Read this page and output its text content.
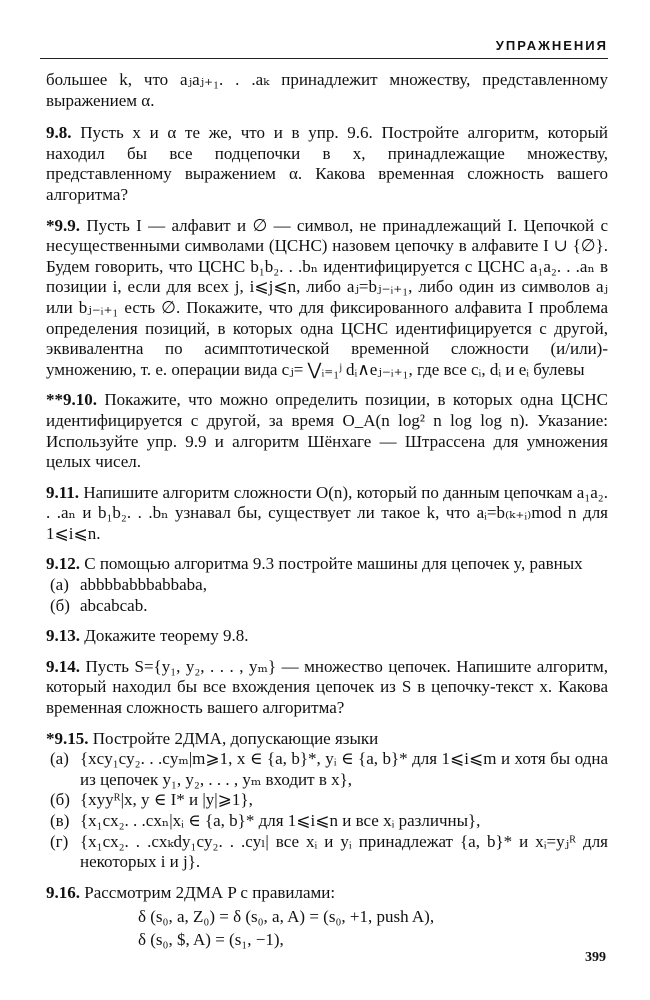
УПРАЖНЕНИЯ

большее k, что aⱼaⱼ₊₁. . .aₖ принадлежит множеству, представленному выражением α.

9.8. Пусть x и α те же, что и в упр. 9.6. Постройте алгоритм, который находил бы все подцепочки в x, принадлежащие множеству, представленному выражением α. Какова временная сложность вашего алгоритма?

*9.9. Пусть I — алфавит и ∅ — символ, не принадлежащий I. Цепочкой с несущественными символами (ЦСНС) назовем цепочку в алфавите I ∪ {∅}. Будем говорить, что ЦСНС b₁b₂. . .bₙ идентифицируется с ЦСНС a₁a₂. . .aₙ в позиции i, если для всех j, i⩽j⩽n, либо aⱼ=bⱼ₋ᵢ₊₁, либо один из символов aⱼ или bⱼ₋ᵢ₊₁ есть ∅. Покажите, что для фиксированного алфавита I проблема определения позиций, в которых одна ЦСНС идентифицируется с другой, эквивалентна по асимптотической временной сложности (и/или)-умножению, т. е. операции вида cⱼ= ⋁ᵢ₌₁ʲ dᵢ∧eⱼ₋ᵢ₊₁, где все cᵢ, dᵢ и eᵢ булевы

**9.10. Покажите, что можно определить позиции, в которых одна ЦСНС идентифицируется с другой, за время O_A(n log² n log log n). Указание: Используйте упр. 9.9 и алгоритм Шёнхаге — Штрассена для умножения целых чисел.

9.11. Напишите алгоритм сложности O(n), который по данным цепочкам a₁a₂. . .aₙ и b₁b₂. . .bₙ узнавал бы, существует ли такое k, что aᵢ=b₍ₖ₊ᵢ₎mod n для 1⩽i⩽n.

9.12. С помощью алгоритма 9.3 постройте машины для цепочек y, равных

(а) abbbbabbbabbaba,
(б) abcabcab.

9.13. Докажите теорему 9.8.

9.14. Пусть S={y₁, y₂, . . . , yₘ} — множество цепочек. Напишите алгоритм, который находил бы все вхождения цепочек из S в цепочку-текст x. Какова временная сложность вашего алгоритма?

*9.15. Постройте 2ДМА, допускающие языки

(а) {xcy₁cy₂. . .cyₘ|m⩾1, x ∈ {a, b}*, yᵢ ∈ {a, b}* для 1⩽i⩽m и хотя бы одна из цепочек y₁, y₂, . . . , yₘ входит в x},
(б) {xyyᴿ|x, y ∈ I* и |y|⩾1},
(в) {x₁cx₂. . .cxₙ|xᵢ ∈ {a, b}* для 1⩽i⩽n и все xᵢ различны},
(г) {x₁cx₂. . .cxₖdy₁cy₂. . .cyₗ| все xᵢ и yᵢ принадлежат {a, b}* и xᵢ=yⱼᴿ для некоторых i и j}.

9.16. Рассмотрим 2ДМА P с правилами:

δ (s₀, a, Z₀) = δ (s₀, a, A) = (s₀, +1, push A),
δ (s₀, $, A) = (s₁, −1),
399
